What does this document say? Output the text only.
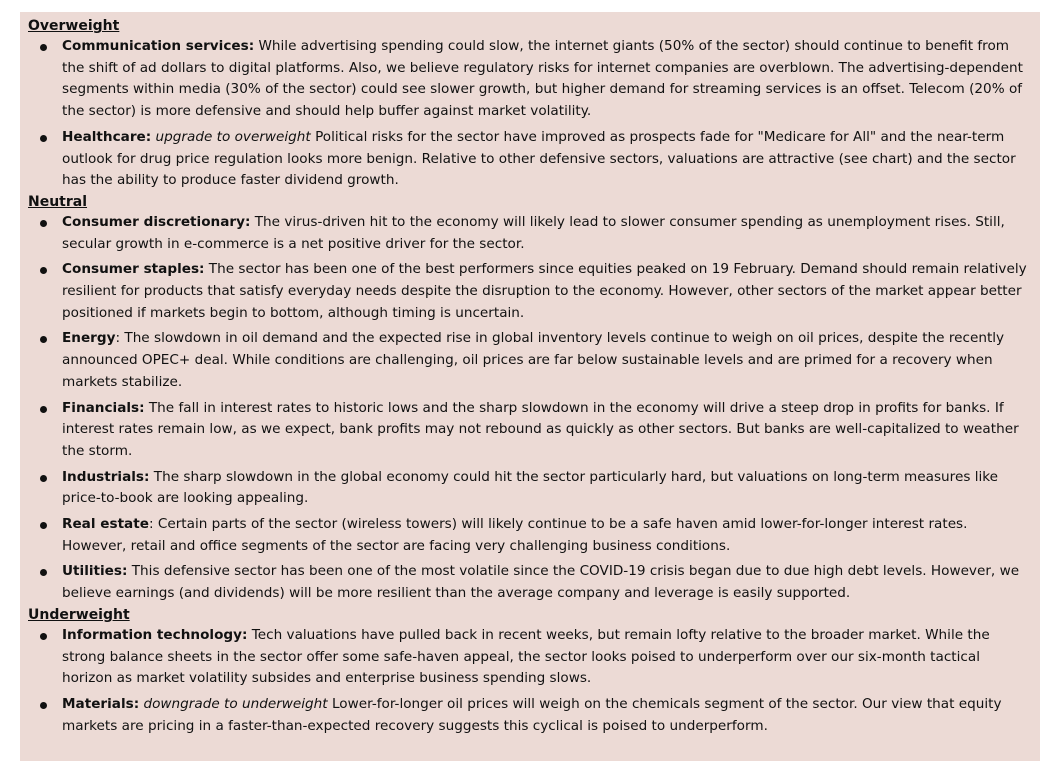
Overweight
Communication services: While advertising spending could slow, the internet giants (50% of the sector) should continue to benefit from the shift of ad dollars to digital platforms. Also, we believe regulatory risks for internet companies are overblown. The advertising-dependent segments within media (30% of the sector) could see slower growth, but higher demand for streaming services is an offset. Telecom (20% of the sector) is more defensive and should help buffer against market volatility.
Healthcare: upgrade to overweight Political risks for the sector have improved as prospects fade for "Medicare for All" and the near-term outlook for drug price regulation looks more benign. Relative to other defensive sectors, valuations are attractive (see chart) and the sector has the ability to produce faster dividend growth.
Neutral
Consumer discretionary: The virus-driven hit to the economy will likely lead to slower consumer spending as unemployment rises. Still, secular growth in e-commerce is a net positive driver for the sector.
Consumer staples: The sector has been one of the best performers since equities peaked on 19 February. Demand should remain relatively resilient for products that satisfy everyday needs despite the disruption to the economy. However, other sectors of the market appear better positioned if markets begin to bottom, although timing is uncertain.
Energy: The slowdown in oil demand and the expected rise in global inventory levels continue to weigh on oil prices, despite the recently announced OPEC+ deal. While conditions are challenging, oil prices are far below sustainable levels and are primed for a recovery when markets stabilize.
Financials: The fall in interest rates to historic lows and the sharp slowdown in the economy will drive a steep drop in profits for banks. If interest rates remain low, as we expect, bank profits may not rebound as quickly as other sectors. But banks are well-capitalized to weather the storm.
Industrials: The sharp slowdown in the global economy could hit the sector particularly hard, but valuations on long-term measures like price-to-book are looking appealing.
Real estate: Certain parts of the sector (wireless towers) will likely continue to be a safe haven amid lower-for-longer interest rates. However, retail and office segments of the sector are facing very challenging business conditions.
Utilities: This defensive sector has been one of the most volatile since the COVID-19 crisis began due to due high debt levels. However, we believe earnings (and dividends) will be more resilient than the average company and leverage is easily supported.
Underweight
Information technology: Tech valuations have pulled back in recent weeks, but remain lofty relative to the broader market. While the strong balance sheets in the sector offer some safe-haven appeal, the sector looks poised to underperform over our six-month tactical horizon as market volatility subsides and enterprise business spending slows.
Materials: downgrade to underweight Lower-for-longer oil prices will weigh on the chemicals segment of the sector. Our view that equity markets are pricing in a faster-than-expected recovery suggests this cyclical is poised to underperform.
